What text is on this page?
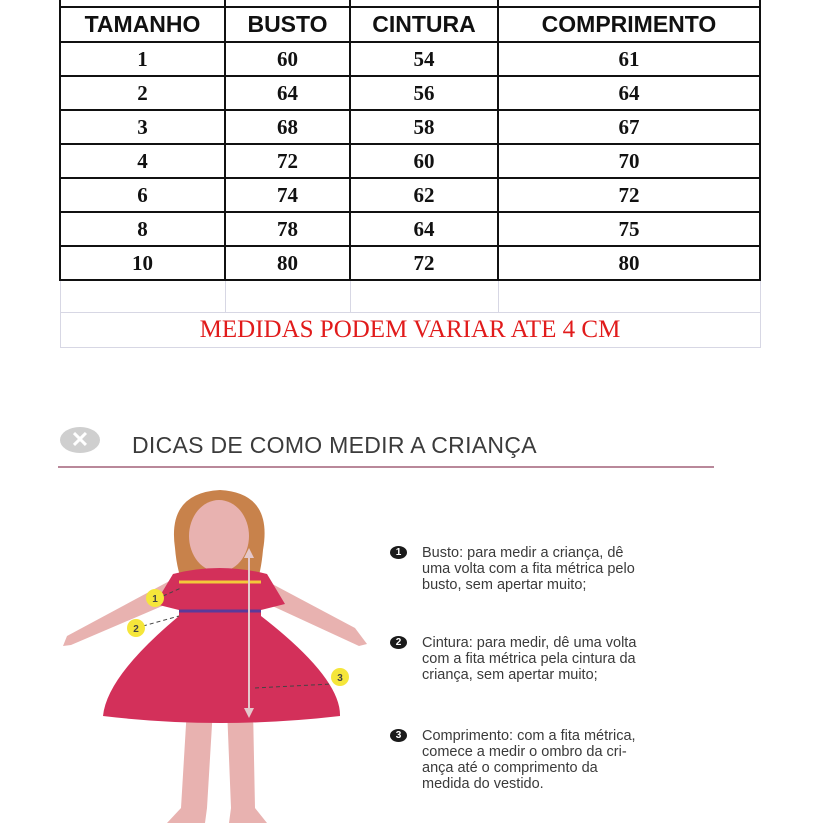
TAMANHO	BUSTO	CINTURA	COMPRIMENTO
1	60	54	61
2	64	56	64
3	68	58	67
4	72	60	70
6	74	62	72
8	78	64	75
10	80	72	80

MEDIDAS PODEM VARIAR ATE 4 CM			
✕	DICAS DE COMO MEDIR A CRIANÇA
1
2
3
1	Busto: para medir a criança, dê
uma volta com a fita métrica pelo
busto, sem apertar muito;
2	Cintura: para medir, dê uma volta
com a fita métrica pela cintura da
criança, sem apertar muito;
3	Comprimento: com a fita métrica,
comece a medir o ombro da cri-
ança até o comprimento da
medida do vestido.
